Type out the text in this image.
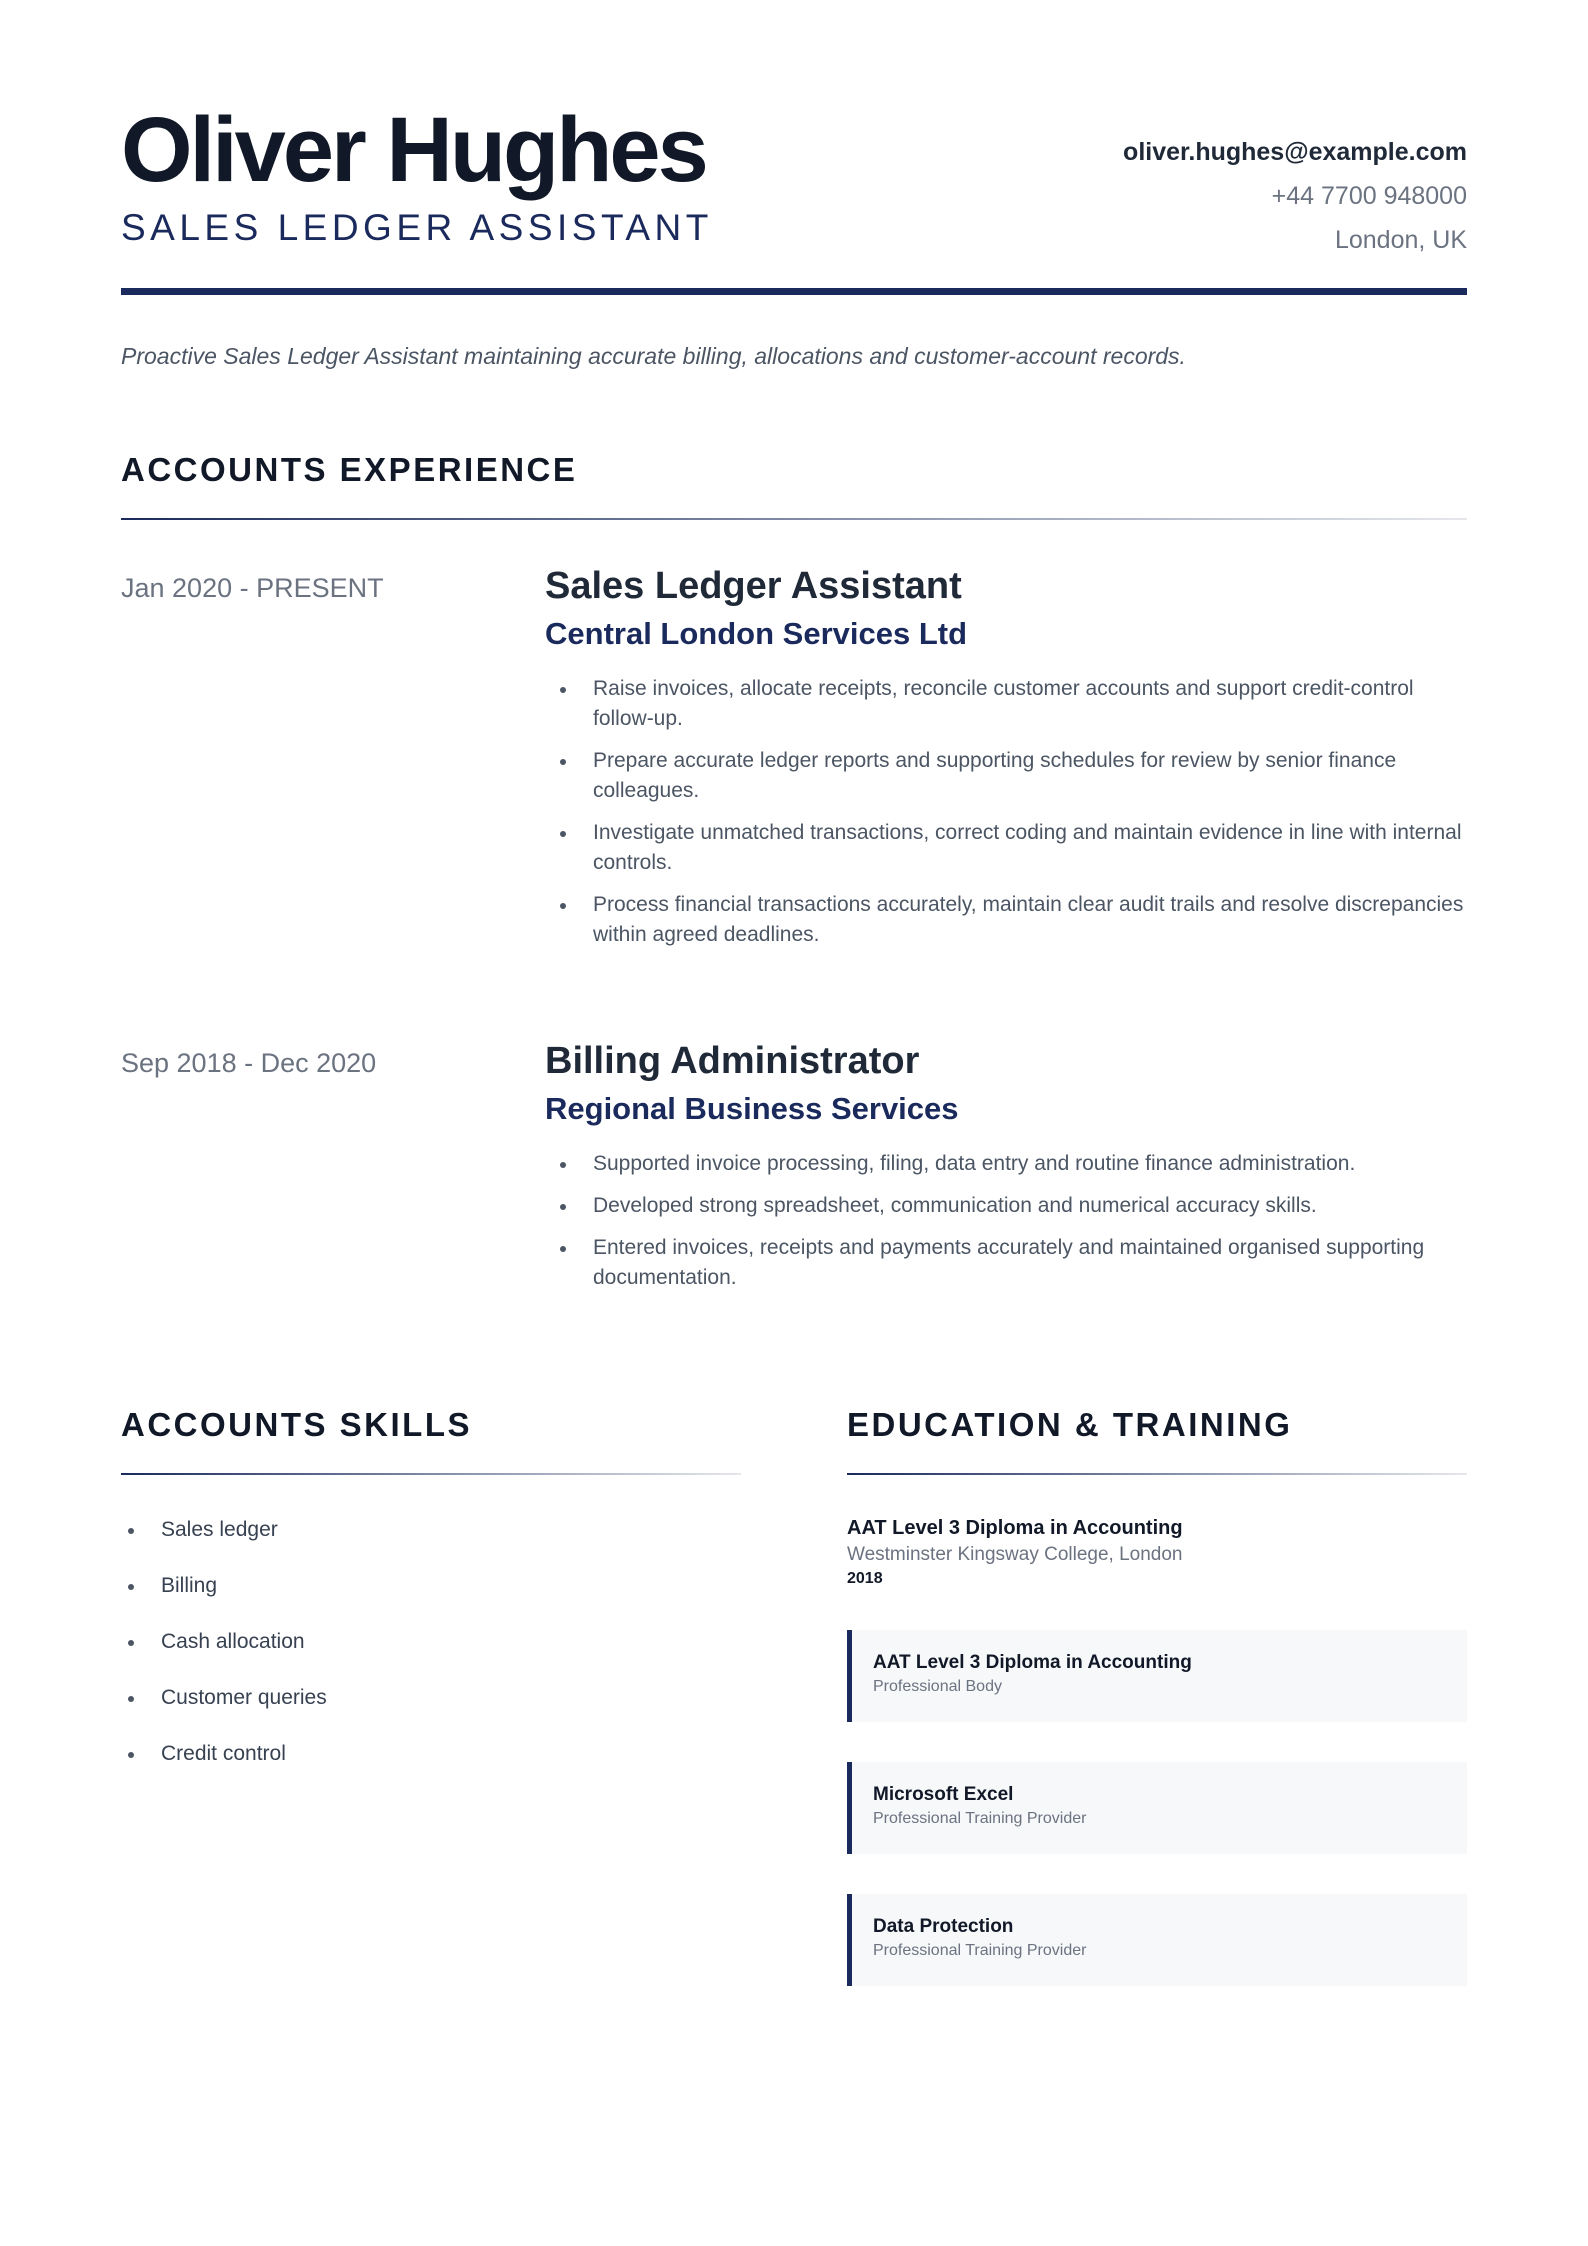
Oliver Hughes
SALES LEDGER ASSISTANT
oliver.hughes@example.com
+44 7700 948000
London, UK

Proactive Sales Ledger Assistant maintaining accurate billing, allocations and customer-account records.

ACCOUNTS EXPERIENCE
Jan 2020 - PRESENT	Sales Ledger Assistant
Central London Services Ltd
Raise invoices, allocate receipts, reconcile customer accounts and support credit-control follow-up.
Prepare accurate ledger reports and supporting schedules for review by senior finance colleagues.
Investigate unmatched transactions, correct coding and maintain evidence in line with internal controls.
Process financial transactions accurately, maintain clear audit trails and resolve discrepancies within agreed deadlines.
Sep 2018 - Dec 2020	Billing Administrator
Regional Business Services
Supported invoice processing, filing, data entry and routine finance administration.
Developed strong spreadsheet, communication and numerical accuracy skills.
Entered invoices, receipts and payments accurately and maintained organised supporting documentation.
ACCOUNTS SKILLS
Sales ledger
Billing
Cash allocation
Customer queries
Credit control
EDUCATION & TRAINING
AAT Level 3 Diploma in Accounting
Westminster Kingsway College, London
2018
AAT Level 3 Diploma in Accounting
Professional Body
Microsoft Excel
Professional Training Provider
Data Protection
Professional Training Provider
